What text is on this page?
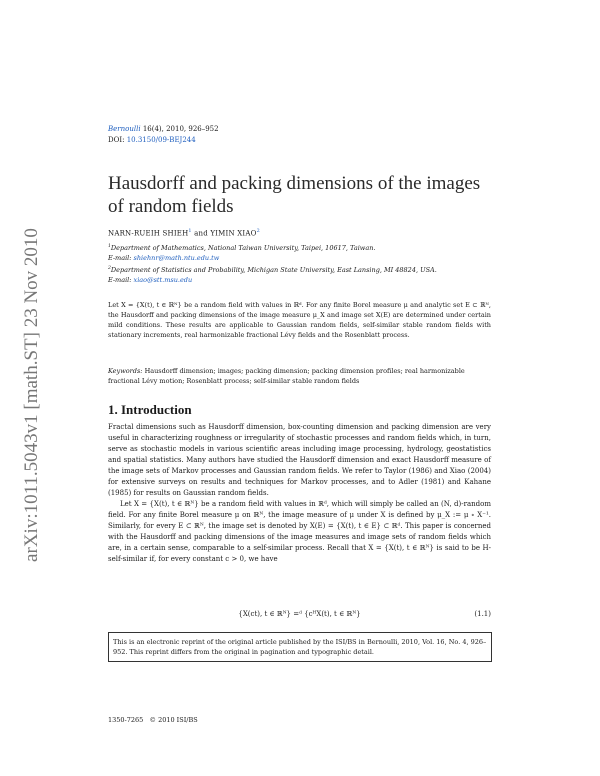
arXiv:1011.5043v1 [math.ST] 23 Nov 2010
Bernoulli 16(4), 2010, 926–952
DOI: 10.3150/09-BEJ244
Hausdorff and packing dimensions of the images of random fields
NARN-RUEIH SHIEH$^1$ and YIMIN XIAO$^2$
$^1$Department of Mathematics, National Taiwan University, Taipei, 10617, Taiwan.
E-mail: shiehnr@math.ntu.edu.tw
$^2$Department of Statistics and Probability, Michigan State University, East Lansing, MI 48824, USA.
E-mail: xiao@stt.msu.edu
Let X = {X(t), t ∈ ℝᴺ} be a random field with values in ℝᵈ. For any finite Borel measure μ and analytic set E ⊂ ℝᴺ, the Hausdorff and packing dimensions of the image measure μ_X and image set X(E) are determined under certain mild conditions. These results are applicable to Gaussian random fields, self-similar stable random fields with stationary increments, real harmonizable fractional Lévy fields and the Rosenblatt process.
Keywords: Hausdorff dimension; images; packing dimension; packing dimension profiles; real harmonizable fractional Lévy motion; Rosenblatt process; self-similar stable random fields
1. Introduction

Fractal dimensions such as Hausdorff dimension, box-counting dimension and packing dimension are very useful in characterizing roughness or irregularity of stochastic processes and random fields which, in turn, serve as stochastic models in various scientific areas including image processing, hydrology, geostatistics and spatial statistics. Many authors have studied the Hausdorff dimension and exact Hausdorff measure of the image sets of Markov processes and Gaussian random fields. We refer to Taylor (1986) and Xiao (2004) for extensive surveys on results and techniques for Markov processes, and to Adler (1981) and Kahane (1985) for results on Gaussian random fields.

Let X = {X(t), t ∈ ℝᴺ} be a random field with values in ℝᵈ, which will simply be called an (N, d)-random field. For any finite Borel measure μ on ℝᴺ, the image measure of μ under X is defined by μ_X := μ ∘ X⁻¹. Similarly, for every E ⊂ ℝᴺ, the image set is denoted by X(E) = {X(t), t ∈ E} ⊂ ℝᵈ. This paper is concerned with the Hausdorff and packing dimensions of the image measures and image sets of random fields which are, in a certain sense, comparable to a self-similar process. Recall that X = {X(t), t ∈ ℝᴺ} is said to be H-self-similar if, for every constant c > 0, we have

{X(ct), t ∈ ℝᴺ} =ᵈ {cᴴX(t), t ∈ ℝᴺ}	(1.1)
This is an electronic reprint of the original article published by the ISI/BS in Bernoulli, 2010, Vol. 16, No. 4, 926–952. This reprint differs from the original in pagination and typographic detail.
1350-7265 © 2010 ISI/BS
